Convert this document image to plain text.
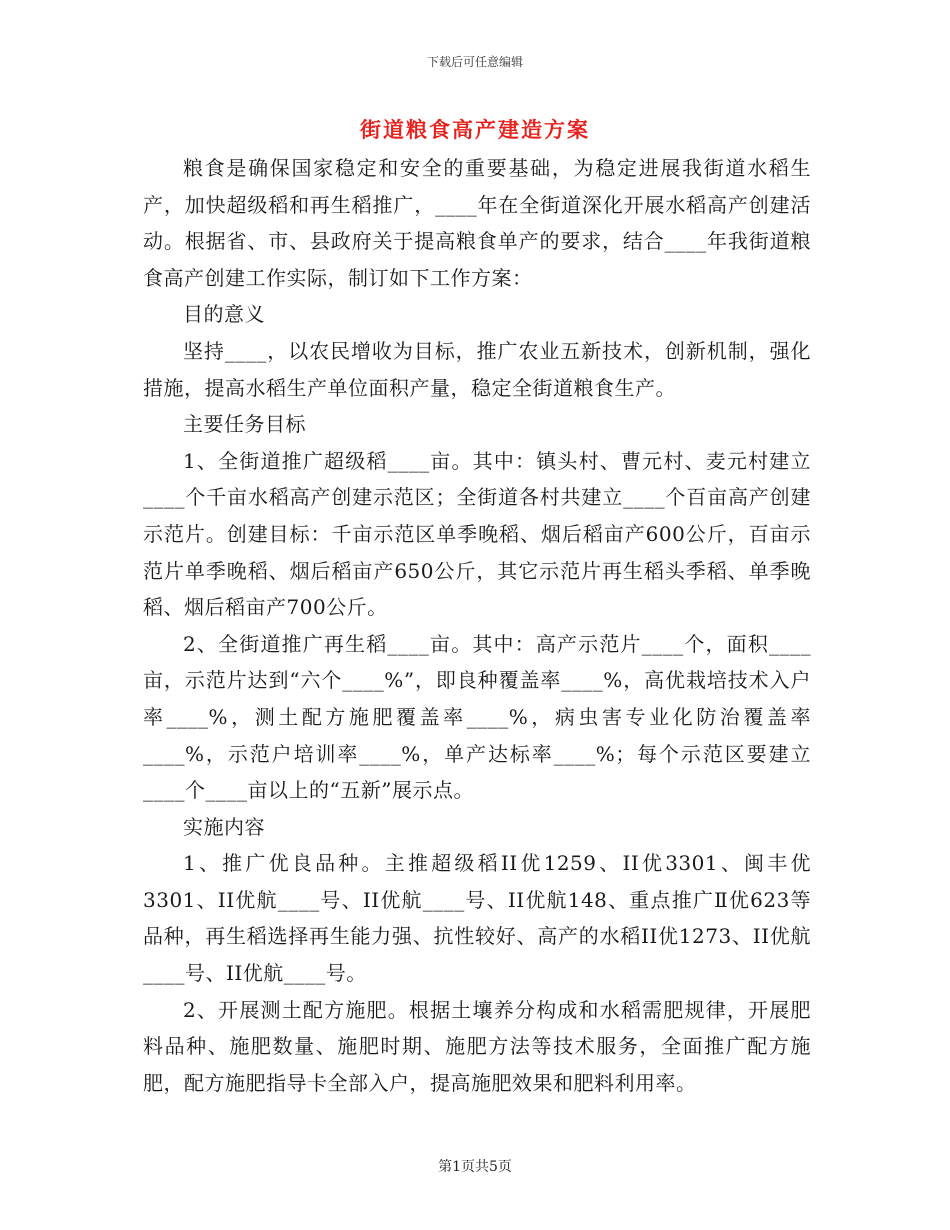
下载后可任意编辑
街道粮食高产建造方案

粮食是确保国家稳定和安全的重要基础，为稳定进展我街道水稻生产，加快超级稻和再生稻推广，____年在全街道深化开展水稻高产创建活动。根据省、市、县政府关于提高粮食单产的要求，结合____年我街道粮食高产创建工作实际，制订如下工作方案：

目的意义

坚持____，以农民增收为目标，推广农业五新技术，创新机制，强化措施，提高水稻生产单位面积产量，稳定全街道粮食生产。

主要任务目标

1、全街道推广超级稻____亩。其中：镇头村、曹元村、麦元村建立____个千亩水稻高产创建示范区；全街道各村共建立____个百亩高产创建示范片。创建目标：千亩示范区单季晚稻、烟后稻亩产600公斤，百亩示范片单季晚稻、烟后稻亩产650公斤，其它示范片再生稻头季稻、单季晚稻、烟后稻亩产700公斤。

2、全街道推广再生稻____亩。其中：高产示范片____个，面积____亩，示范片达到“六个____%”，即良种覆盖率____%，高优栽培技术入户率____%，测土配方施肥覆盖率____%，病虫害专业化防治覆盖率____%，示范户培训率____%，单产达标率____%；每个示范区要建立____个____亩以上的“五新”展示点。

实施内容

1、推广优良品种。主推超级稻II优1259、II优3301、闽丰优3301、II优航____号、II优航____号、II优航148、重点推广Ⅱ优623等品种，再生稻选择再生能力强、抗性较好、高产的水稻II优1273、II优航____号、II优航____号。

2、开展测土配方施肥。根据土壤养分构成和水稻需肥规律，开展肥料品种、施肥数量、施肥时期、施肥方法等技术服务，全面推广配方施肥，配方施肥指导卡全部入户，提高施肥效果和肥料利用率。

第1页共5页
